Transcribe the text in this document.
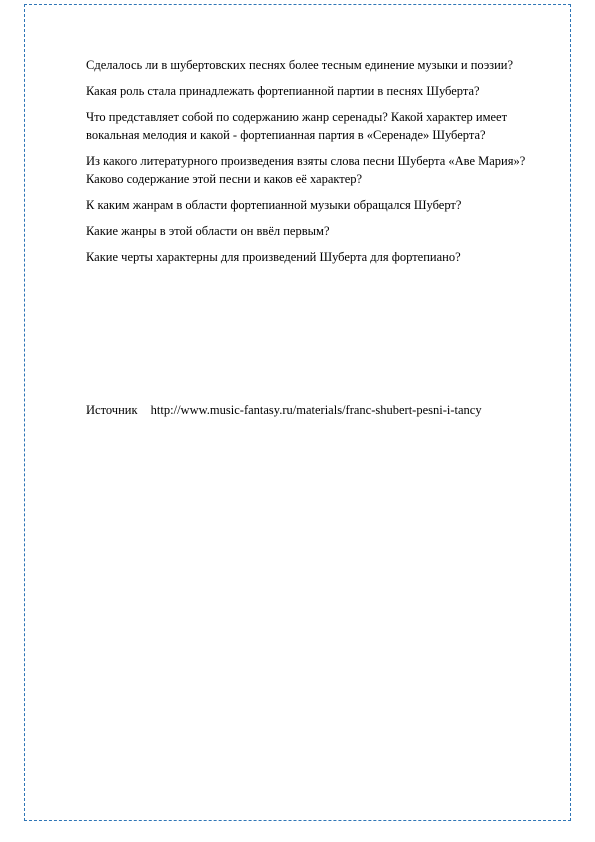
Сделалось ли в шубертовских песнях более тесным единение музыки и поэзии?

Какая роль стала принадлежать фортепианной партии в песнях Шуберта?

Что представляет собой по содержанию жанр серенады? Какой характер имеет вокальная мелодия и какой - фортепианная партия в «Серенаде» Шуберта?

Из какого литературного произведения взяты слова песни Шуберта «Аве Мария»? Каково содержание этой песни и каков её характер?

К каким жанрам в области фортепианной музыки обращался Шуберт?

Какие жанры в этой области он ввёл первым?

Какие черты характерны для произведений Шуберта для фортепиано?

Источник http://www.music-fantasy.ru/materials/franc-shubert-pesni-i-tancy
